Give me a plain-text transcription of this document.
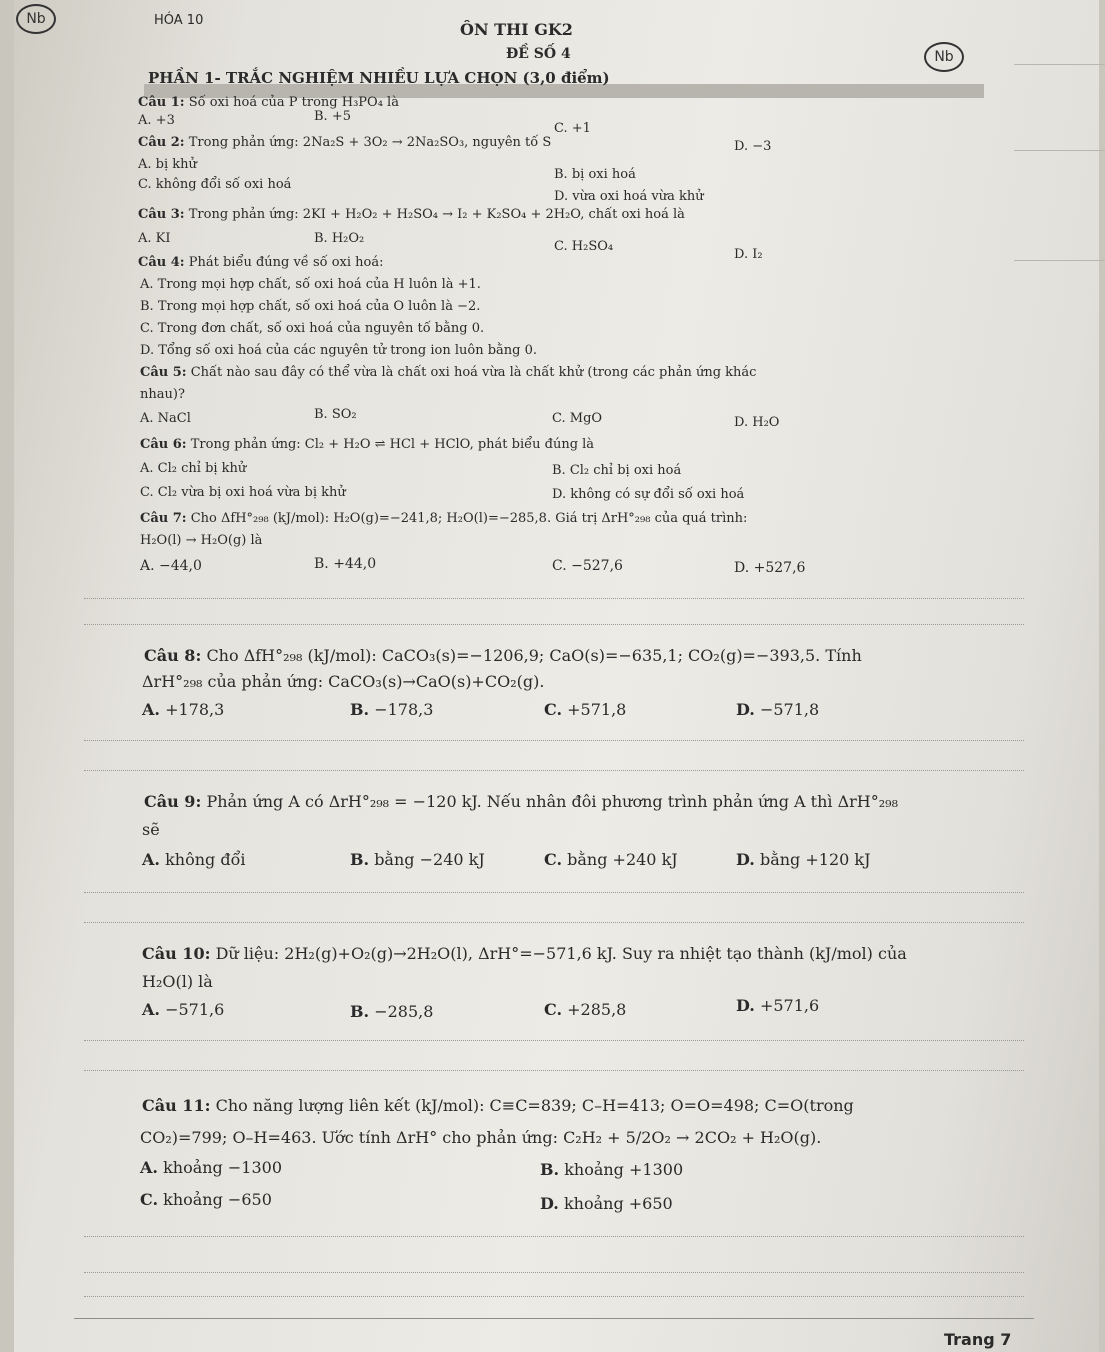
Nb	HÓA 10	ÔN THI GK2
ĐỀ SỐ 4	Nb
PHẦN 1- TRẮC NGHIỆM NHIỀU LỰA CHỌN (3,0 điểm)
Câu 1: Số oxi hoá của P trong H₃PO₄ là
A. +3	B. +5
C. +1
D. −3
Câu 2: Trong phản ứng: 2Na₂S + 3O₂ → 2Na₂SO₃, nguyên tố S
A. bị khử
B. bị oxi hoá
C. không đổi số oxi hoá
D. vừa oxi hoá vừa khử
Câu 3: Trong phản ứng: 2KI + H₂O₂ + H₂SO₄ → I₂ + K₂SO₄ + 2H₂O, chất oxi hoá là
A. KI	B. H₂O₂
C. H₂SO₄
D. I₂
Câu 4: Phát biểu đúng về số oxi hoá:
A. Trong mọi hợp chất, số oxi hoá của H luôn là +1.
B. Trong mọi hợp chất, số oxi hoá của O luôn là −2.
C. Trong đơn chất, số oxi hoá của nguyên tố bằng 0.
D. Tổng số oxi hoá của các nguyên tử trong ion luôn bằng 0.
Câu 5: Chất nào sau đây có thể vừa là chất oxi hoá vừa là chất khử (trong các phản ứng khác
nhau)?
A. NaCl	B. SO₂	C. MgO	D. H₂O
Câu 6: Trong phản ứng: Cl₂ + H₂O ⇌ HCl + HClO, phát biểu đúng là
A. Cl₂ chỉ bị khử	B. Cl₂ chỉ bị oxi hoá
C. Cl₂ vừa bị oxi hoá vừa bị khử	D. không có sự đổi số oxi hoá
Câu 7: Cho ΔfH°₂₉₈ (kJ/mol): H₂O(g)=−241,8; H₂O(l)=−285,8. Giá trị ΔrH°₂₉₈ của quá trình:
H₂O(l) → H₂O(g) là
A. −44,0	B. +44,0	C. −527,6	D. +527,6
Câu 8: Cho ΔfH°₂₉₈ (kJ/mol): CaCO₃(s)=−1206,9; CaO(s)=−635,1; CO₂(g)=−393,5. Tính
ΔrH°₂₉₈ của phản ứng: CaCO₃(s)→CaO(s)+CO₂(g).
A. +178,3	B. −178,3	C. +571,8	D. −571,8
Câu 9: Phản ứng A có ΔrH°₂₉₈ = −120 kJ. Nếu nhân đôi phương trình phản ứng A thì ΔrH°₂₉₈
sẽ
A. không đổi	B. bằng −240 kJ	C. bằng +240 kJ	D. bằng +120 kJ
Câu 10: Dữ liệu: 2H₂(g)+O₂(g)→2H₂O(l), ΔrH°=−571,6 kJ. Suy ra nhiệt tạo thành (kJ/mol) của
H₂O(l) là
A. −571,6	B. −285,8	C. +285,8	D. +571,6
Câu 11: Cho năng lượng liên kết (kJ/mol): C≡C=839; C–H=413; O=O=498; C=O(trong
CO₂)=799; O–H=463. Ước tính ΔrH° cho phản ứng: C₂H₂ + 5/2O₂ → 2CO₂ + H₂O(g).
A. khoảng −1300	B. khoảng +1300
C. khoảng −650	D. khoảng +650
Trang 7
